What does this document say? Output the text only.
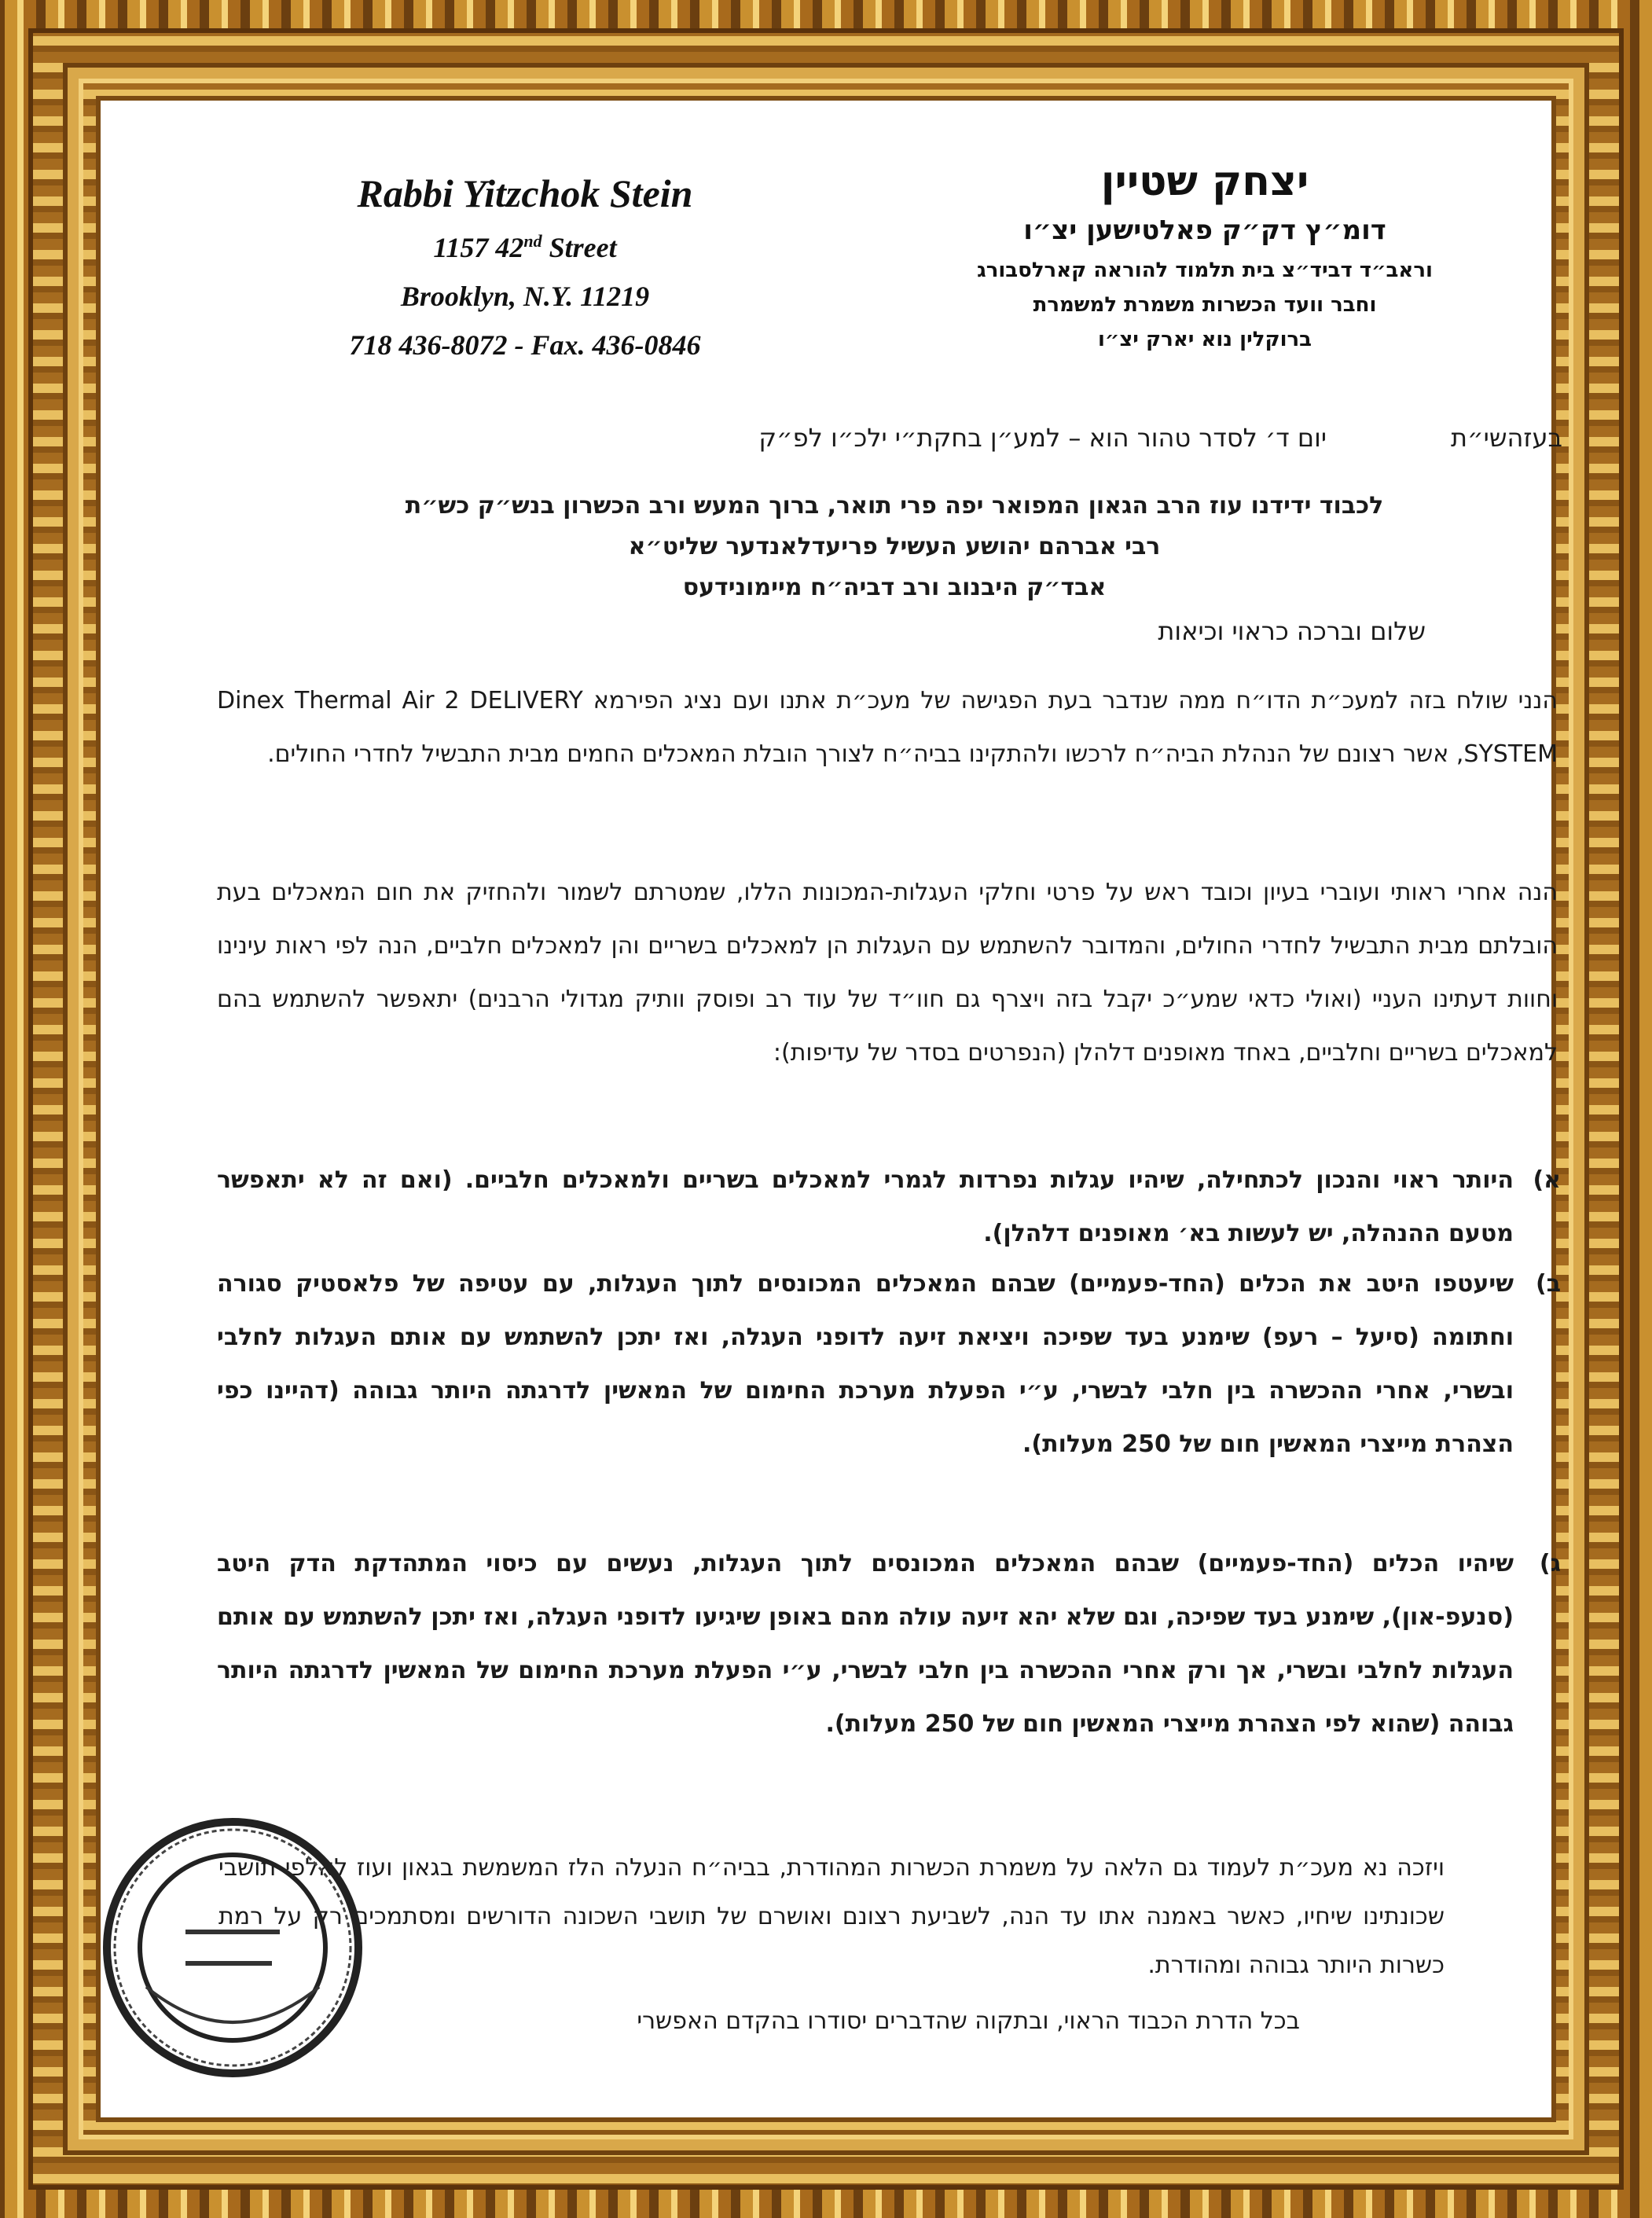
Rabbi Yitzchok Stein
1157 42nd Street
Brooklyn, N.Y. 11219
718 436-8072 - Fax. 436-0846
יצחק שטיין
דומ״ץ דק״ק פאלטישען יצ״ו
וראב״ד דביד״צ בית תלמוד להוראה קארלסבורג
וחבר וועד הכשרות משמרת למשמרת
ברוקלין נוא יארק יצ״ו
בעזהשי״ת
יום ד׳ לסדר טהור הוא – למע״ן בחקת״י ילכ״ו לפ״ק
לכבוד ידידנו עוז הרב הגאון המפואר יפה פרי תואר, ברוך המעש ורב הכשרון בנש״ק כש״ת
רבי אברהם יהושע העשיל פריעדלאנדער שליט״א
אבד״ק היבנוב ורב דביה״ח מיימונידעס
שלום וברכה כראוי וכיאות
הנני שולח בזה למעכ״ת הדו״ח ממה שנדבר בעת הפגישה של מעכ״ת אתנו ועם נציג הפירמא Dinex Thermal Air 2 DELIVERY SYSTEM, אשר רצונם של הנהלת הביה״ח לרכשו ולהתקינו בביה״ח לצורך הובלת המאכלים החמים מבית התבשיל לחדרי החולים.
הנה אחרי ראותי ועוברי בעיון וכובד ראש על פרטי וחלקי העגלות-המכונות הללו, שמטרתם לשמור ולהחזיק את חום המאכלים בעת הובלתם מבית התבשיל לחדרי החולים, והמדובר להשתמש עם העגלות הן למאכלים בשריים והן למאכלים חלביים, הנה לפי ראות עינינו וחוות דעתינו העניי (ואולי כדאי שמע״כ יקבל בזה ויצרף גם חוו״ד של עוד רב ופוסק וותיק מגדולי הרבנים) יתאפשר להשתמש בהם למאכלים בשריים וחלביים, באחד מאופנים דלהלן (הנפרטים בסדר של עדיפות):
א)
היותר ראוי והנכון לכתחילה, שיהיו עגלות נפרדות לגמרי למאכלים בשריים ולמאכלים חלביים. (ואם זה לא יתאפשר מטעם ההנהלה, יש לעשות בא׳ מאופנים דלהלן).
ב)
שיעטפו היטב את הכלים (החד-פעמיים) שבהם המאכלים המכונסים לתוך העגלות, עם עטיפה של פלאסטיק סגורה וחתומה (סיעל – רעפ) שימנע בעד שפיכה ויציאת זיעה לדופני העגלה, ואז יתכן להשתמש עם אותם העגלות לחלבי ובשרי, אחרי ההכשרה בין חלבי לבשרי, ע״י הפעלת מערכת החימום של המאשין לדרגתה היותר גבוהה (דהיינו כפי הצהרת מייצרי המאשין חום של 250 מעלות).
ג)
שיהיו הכלים (החד-פעמיים) שבהם המאכלים המכונסים לתוך העגלות, נעשים עם כיסוי המתהדקת הדק היטב (סנעפ-און), שימנע בעד שפיכה, וגם שלא יהא זיעה עולה מהם באופן שיגיעו לדופני העגלה, ואז יתכן להשתמש עם אותם העגלות לחלבי ובשרי, אך ורק אחרי ההכשרה בין חלבי לבשרי, ע״י הפעלת מערכת החימום של המאשין לדרגתה היותר גבוהה (שהוא לפי הצהרת מייצרי המאשין חום של 250 מעלות).
ויזכה נא מעכ״ת לעמוד גם הלאה על משמרת הכשרות המהודרת, בביה״ח הנעלה הלז המשמשת בגאון ועוז לאלפי תושבי שכונתינו שיחיו, כאשר באמנה אתו עד הנה, לשביעת רצונם ואושרם של תושבי השכונה הדורשים ומסתמכים רק על רמת כשרות היותר גבוהה ומהודרת.
בכל הדרת הכבוד הראוי, ובתקוה שהדברים יסודרו בהקדם האפשרי
